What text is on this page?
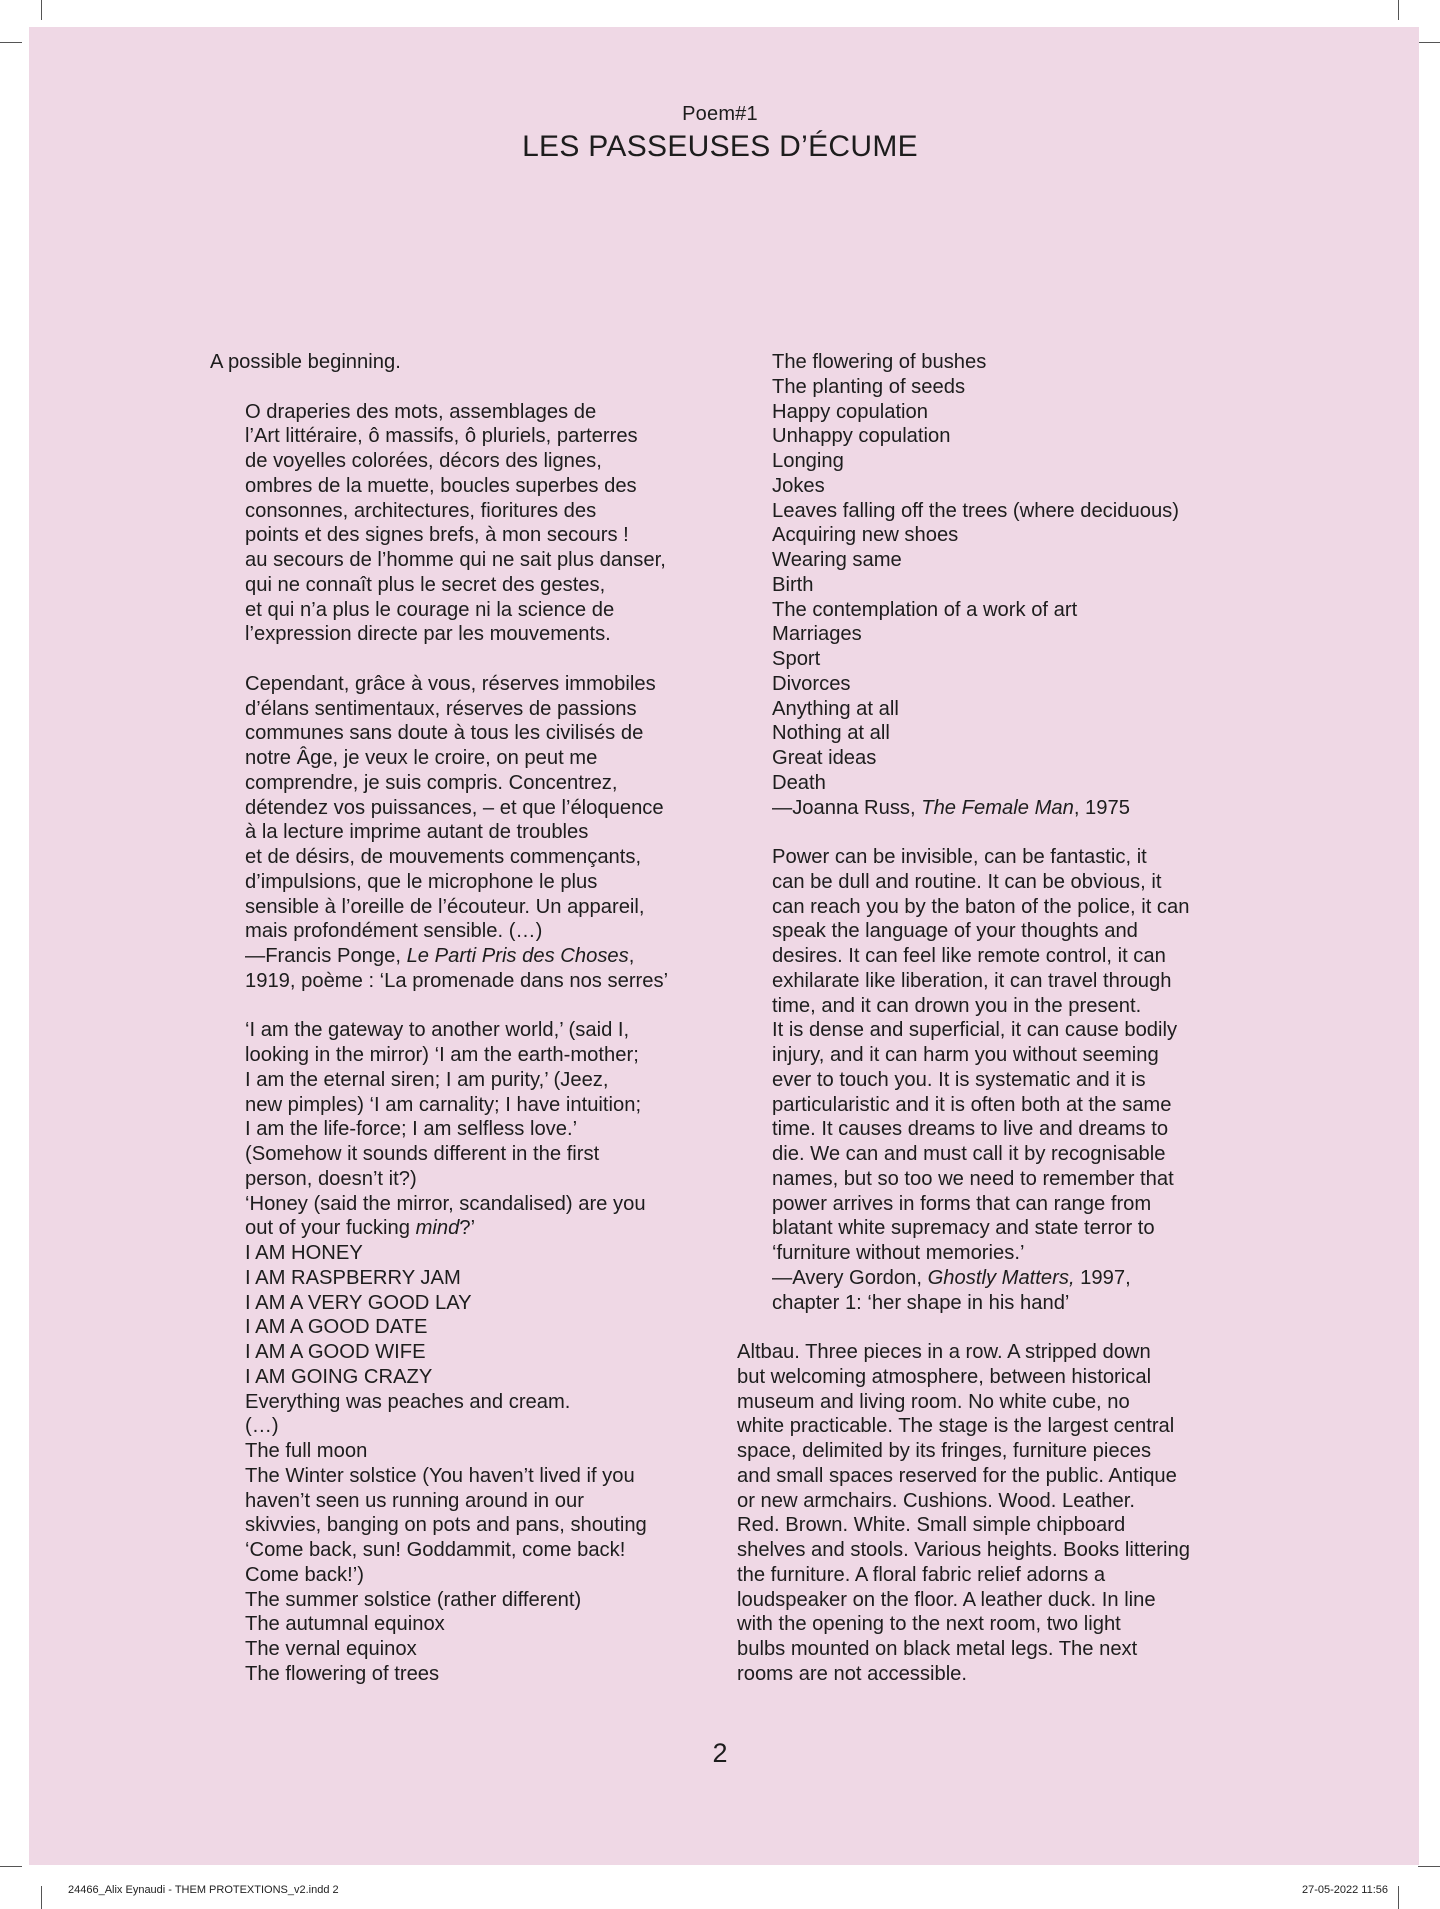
Poem#1
LES PASSEUSES D’ÉCUME

A possible beginning.

O draperies des mots, assemblages de

l’Art littéraire, ô massifs, ô pluriels, parterres

de voyelles colorées, décors des lignes,

ombres de la muette, boucles superbes des

consonnes, architectures, fioritures des

points et des signes brefs, à mon secours !

au secours de l’homme qui ne sait plus danser,

qui ne connaît plus le secret des gestes,

et qui n’a plus le courage ni la science de

l’expression directe par les mouvements.

Cependant, grâce à vous, réserves immobiles

d’élans sentimentaux, réserves de passions

communes sans doute à tous les civilisés de

notre Âge, je veux le croire, on peut me

comprendre, je suis compris. Concentrez,

détendez vos puissances, – et que l’éloquence

à la lecture imprime autant de troubles

et de désirs, de mouvements commençants,

d’impulsions, que le microphone le plus

sensible à l’oreille de l’écouteur. Un appareil,

mais profondément sensible. (…)

—Francis Ponge, Le Parti Pris des Choses,

1919, poème : ‘La promenade dans nos serres’

‘I am the gateway to another world,’ (said I,

looking in the mirror) ‘I am the earth-mother;

I am the eternal siren; I am purity,’ (Jeez,

new pimples) ‘I am carnality; I have intuition;

I am the life-force; I am selfless love.’

(Somehow it sounds different in the first

person, doesn’t it?)

‘Honey (said the mirror, scandalised) are you

out of your fucking mind?’

I AM HONEY

I AM RASPBERRY JAM

I AM A VERY GOOD LAY

I AM A GOOD DATE

I AM A GOOD WIFE

I AM GOING CRAZY

Everything was peaches and cream.

(…)

The full moon

The Winter solstice (You haven’t lived if you

haven’t seen us running around in our

skivvies, banging on pots and pans, shouting

‘Come back, sun! Goddammit, come back!

Come back!’)

The summer solstice (rather different)

The autumnal equinox

The vernal equinox

The flowering of trees

The flowering of bushes

The planting of seeds

Happy copulation

Unhappy copulation

Longing

Jokes

Leaves falling off the trees (where deciduous)

Acquiring new shoes

Wearing same

Birth

The contemplation of a work of art

Marriages

Sport

Divorces

Anything at all

Nothing at all

Great ideas

Death

—Joanna Russ, The Female Man, 1975

Power can be invisible, can be fantastic, it

can be dull and routine. It can be obvious, it

can reach you by the baton of the police, it can

speak the language of your thoughts and

desires. It can feel like remote control, it can

exhilarate like liberation, it can travel through

time, and it can drown you in the present.

It is dense and superficial, it can cause bodily

injury, and it can harm you without seeming

ever to touch you. It is systematic and it is

particularistic and it is often both at the same

time. It causes dreams to live and dreams to

die. We can and must call it by recognisable

names, but so too we need to remember that

power arrives in forms that can range from

blatant white supremacy and state terror to

‘furniture without memories.’

—Avery Gordon, Ghostly Matters, 1997,

chapter 1: ‘her shape in his hand’

Altbau. Three pieces in a row. A stripped down

but welcoming atmosphere, between historical

museum and living room. No white cube, no

white practicable. The stage is the largest central

space, delimited by its fringes, furniture pieces

and small spaces reserved for the public. Antique

or new armchairs. Cushions. Wood. Leather.

Red. Brown. White. Small simple chipboard

shelves and stools. Various heights. Books littering

the furniture. A floral fabric relief adorns a

loudspeaker on the floor. A leather duck. In line

with the opening to the next room, two light

bulbs mounted on black metal legs. The next

rooms are not accessible.

2
24466_Alix Eynaudi - THEM PROTEXTIONS_v2.indd 2	27-05-2022 11:56
